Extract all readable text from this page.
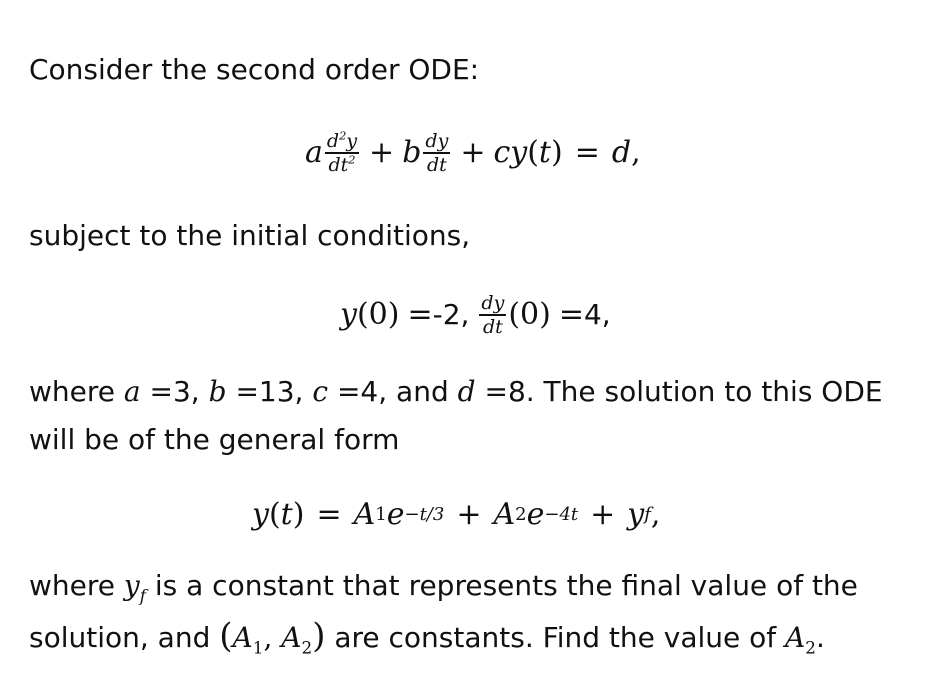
Consider the second order ODE:
a $\frac{d^2y}{dt^2} + b \frac{dy}{dt}$ + cy ( t ) = d ,
subject to the initial conditions,
y (0) = -2, $\frac{dy}{dt} (0) = 4$,
where a =3, b =13, c =4, and d =8. The solution to this ODE
will be of the general form
y ( t ) = A 1 e −t/3 + A 2 e −4t + y f ,
where $y_f$ is a constant that represents the final value of the
solution, and ($A_1$, $A_2$) are constants. Find the value of $A_2$.
